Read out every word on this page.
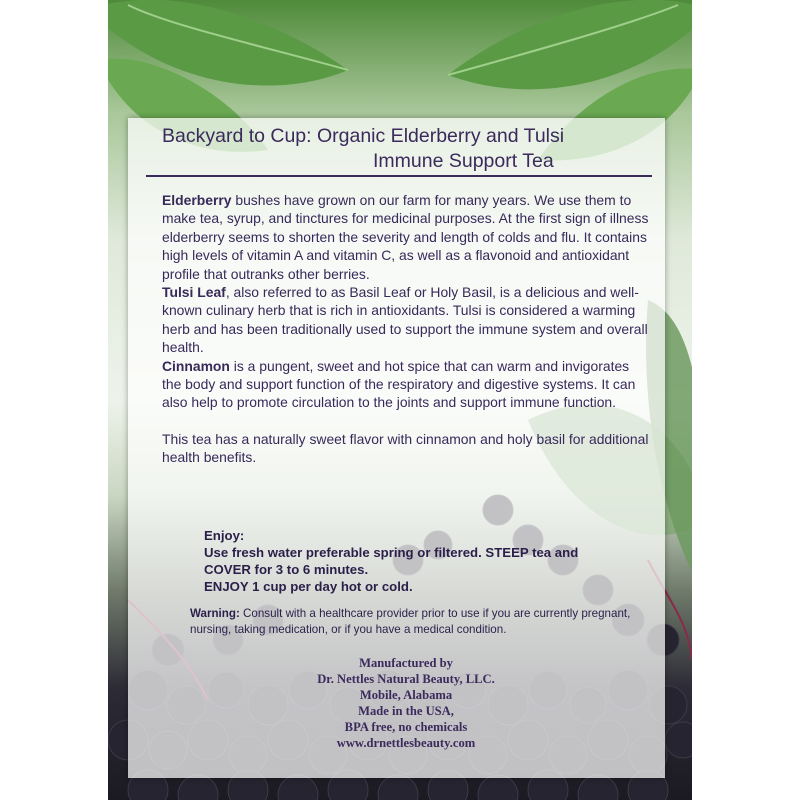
Backyard to Cup: Organic Elderberry and Tulsi
Immune Support Tea

Elderberry bushes have grown on our farm for many years. We use them to make tea, syrup, and tinctures for medicinal purposes. At the first sign of illness elderberry seems to shorten the severity and length of colds and flu. It contains high levels of vitamin A and vitamin C, as well as a flavonoid and antioxidant profile that outranks other berries.

Tulsi Leaf, also referred to as Basil Leaf or Holy Basil, is a delicious and well-known culinary herb that is rich in antioxidants. Tulsi is considered a warming herb and has been traditionally used to support the immune system and overall health.

Cinnamon is a pungent, sweet and hot spice that can warm and invigorates the body and support function of the respiratory and digestive systems. It can also help to promote circulation to the joints and support immune function.

This tea has a naturally sweet flavor with cinnamon and holy basil for additional health benefits.

Enjoy:
Use fresh water preferable spring or filtered. STEEP tea and
COVER for 3 to 6 minutes.
ENJOY 1 cup per day hot or cold.
Warning: Consult with a healthcare provider prior to use if you are currently pregnant, nursing, taking medication, or if you have a medical condition.
Manufactured by
Dr. Nettles Natural Beauty, LLC.
Mobile, Alabama
Made in the USA,
BPA free, no chemicals
www.drnettlesbeauty.com
